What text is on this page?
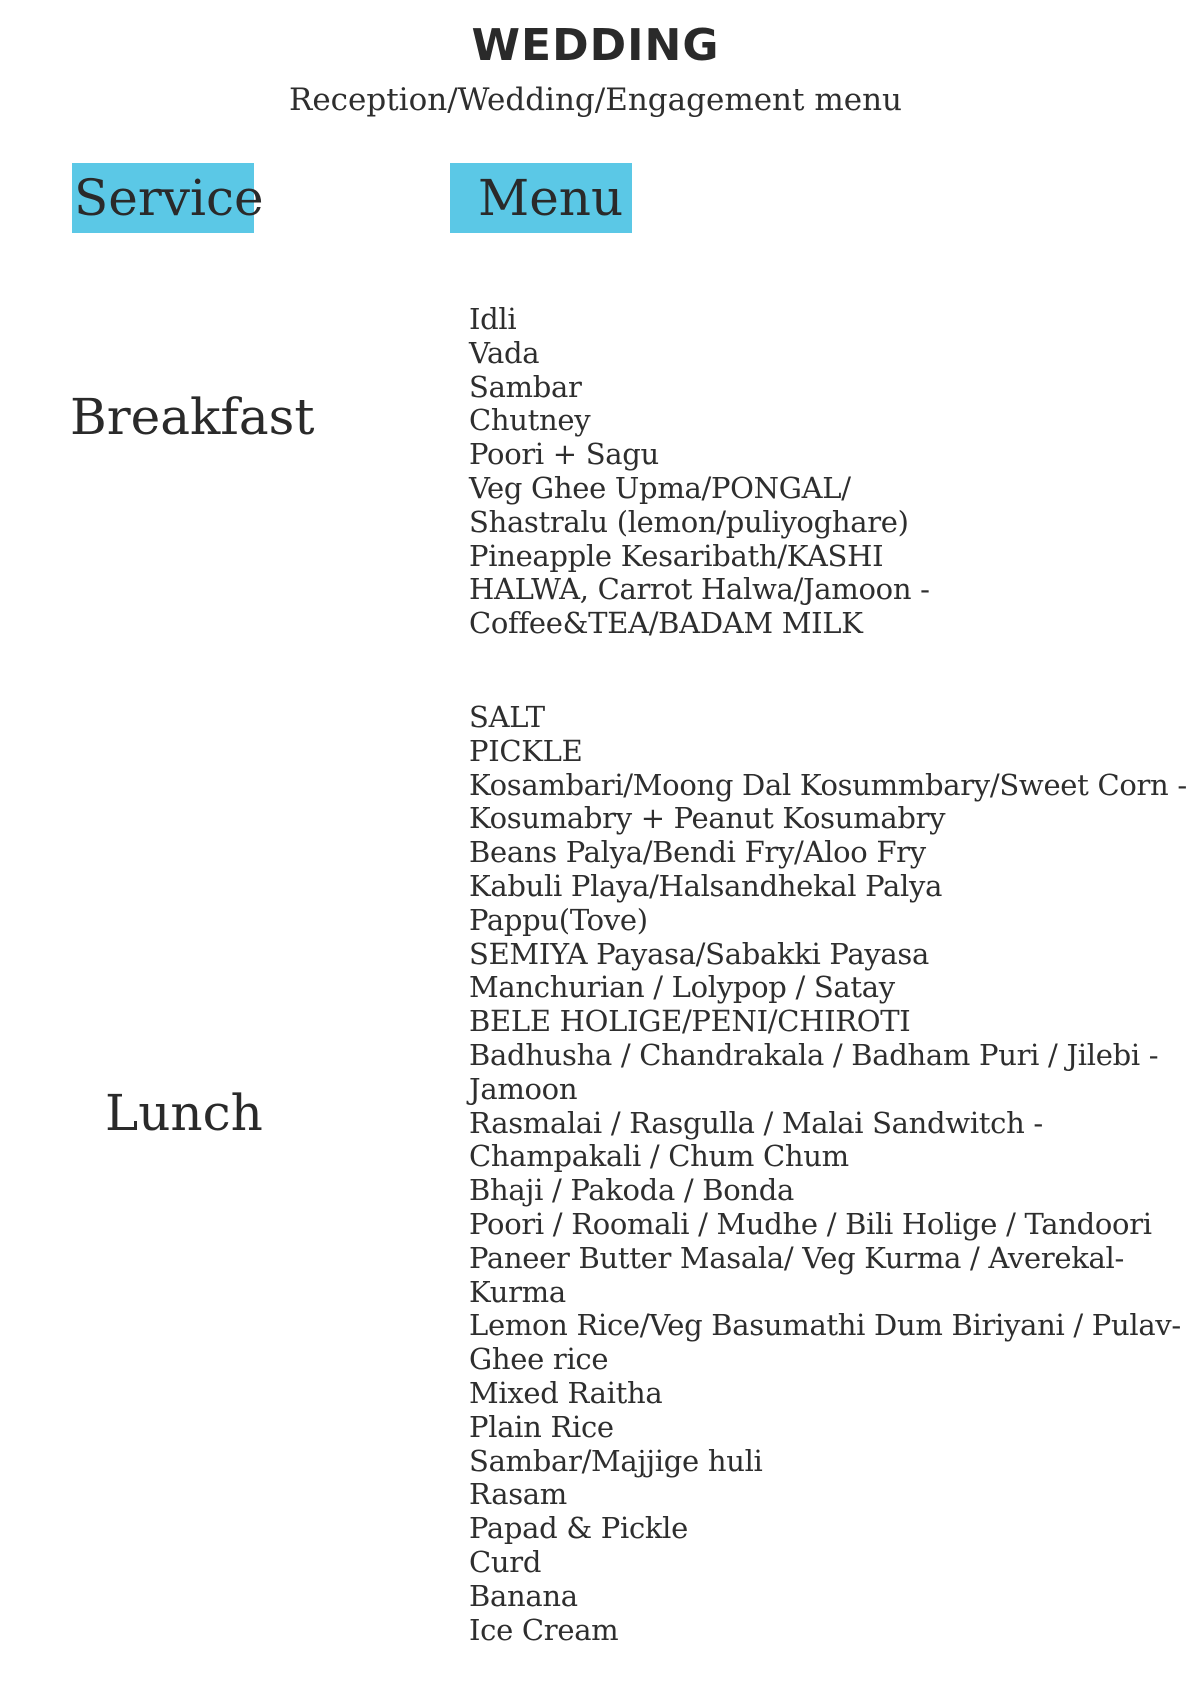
WEDDING

Reception/Wedding/Engagement menu

Service	Menu

Breakfast

Idli
Vada
Sambar
Chutney
Poori + Sagu
Veg Ghee Upma/PONGAL/
Shastralu (lemon/puliyoghare)
Pineapple Kesaribath/KASHI
HALWA, Carrot Halwa/Jamoon -
Coffee&TEA/BADAM MILK

Lunch

SALT
PICKLE
Kosambari/Moong Dal Kosummbary/Sweet Corn -
Kosumabry + Peanut Kosumabry
Beans Palya/Bendi Fry/Aloo Fry
Kabuli Playa/Halsandhekal Palya
Pappu(Tove)
SEMIYA Payasa/Sabakki Payasa
Manchurian / Lolypop / Satay
BELE HOLIGE/PENI/CHIROTI
Badhusha / Chandrakala / Badham Puri / Jilebi -
Jamoon
Rasmalai / Rasgulla / Malai Sandwitch -
Champakali / Chum Chum
Bhaji / Pakoda / Bonda
Poori / Roomali / Mudhe / Bili Holige / Tandoori
Paneer Butter Masala/ Veg Kurma / Averekal-
Kurma
Lemon Rice/Veg Basumathi Dum Biriyani / Pulav-
Ghee rice
Mixed Raitha
Plain Rice
Sambar/Majjige huli
Rasam
Papad & Pickle
Curd
Banana
Ice Cream
